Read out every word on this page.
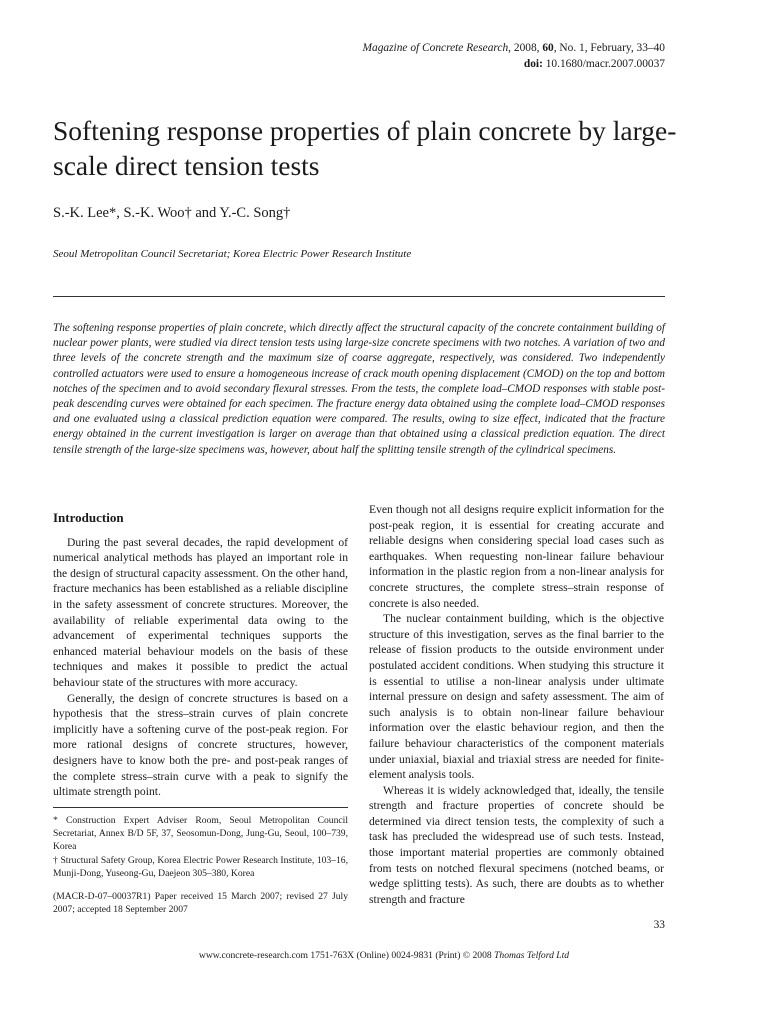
Magazine of Concrete Research, 2008, 60, No. 1, February, 33–40
doi: 10.1680/macr.2007.00037
Softening response properties of plain concrete by large-scale direct tension tests
S.-K. Lee*, S.-K. Woo† and Y.-C. Song†
Seoul Metropolitan Council Secretariat; Korea Electric Power Research Institute

The softening response properties of plain concrete, which directly affect the structural capacity of the concrete containment building of nuclear power plants, were studied via direct tension tests using large-size concrete specimens with two notches. A variation of two and three levels of the concrete strength and the maximum size of coarse aggregate, respectively, was considered. Two independently controlled actuators were used to ensure a homogeneous increase of crack mouth opening displacement (CMOD) on the top and bottom notches of the specimen and to avoid secondary flexural stresses. From the tests, the complete load–CMOD responses with stable post-peak descending curves were obtained for each specimen. The fracture energy data obtained using the complete load–CMOD responses and one evaluated using a classical prediction equation were compared. The results, owing to size effect, indicated that the fracture energy obtained in the current investigation is larger on average than that obtained using a classical prediction equation. The direct tensile strength of the large-size specimens was, however, about half the splitting tensile strength of the cylindrical specimens.

Introduction

During the past several decades, the rapid development of numerical analytical methods has played an important role in the design of structural capacity assessment. On the other hand, fracture mechanics has been established as a reliable discipline in the safety assessment of concrete structures. Moreover, the availability of reliable experimental data owing to the advancement of experimental techniques supports the enhanced material behaviour models on the basis of these techniques and makes it possible to predict the actual behaviour state of the structures with more accuracy.

Generally, the design of concrete structures is based on a hypothesis that the stress–strain curves of plain concrete implicitly have a softening curve of the post-peak region. For more rational designs of concrete structures, however, designers have to know both the pre- and post-peak ranges of the complete stress–strain curve with a peak to signify the ultimate strength point.

Even though not all designs require explicit information for the post-peak region, it is essential for creating accurate and reliable designs when considering special load cases such as earthquakes. When requesting non-linear failure behaviour information in the plastic region from a non-linear analysis for concrete structures, the complete stress–strain response of concrete is also needed.

The nuclear containment building, which is the objective structure of this investigation, serves as the final barrier to the release of fission products to the outside environment under postulated accident conditions. When studying this structure it is essential to utilise a non-linear analysis under ultimate internal pressure on design and safety assessment. The aim of such analysis is to obtain non-linear failure behaviour information over the elastic behaviour region, and then the failure behaviour characteristics of the component materials under uniaxial, biaxial and triaxial stress are needed for finite-element analysis tools.

Whereas it is widely acknowledged that, ideally, the tensile strength and fracture properties of concrete should be determined via direct tension tests, the complexity of such a task has precluded the widespread use of such tests. Instead, those important material properties are commonly obtained from tests on notched flexural specimens (notched beams, or wedge splitting tests). As such, there are doubts as to whether strength and fracture

* Construction Expert Adviser Room, Seoul Metropolitan Council Secretariat, Annex B/D 5F, 37, Seosomun-Dong, Jung-Gu, Seoul, 100–739, Korea

† Structural Safety Group, Korea Electric Power Research Institute, 103–16, Munji-Dong, Yuseong-Gu, Daejeon 305–380, Korea

(MACR-D-07–00037R1) Paper received 15 March 2007; revised 27 July 2007; accepted 18 September 2007

33
www.concrete-research.com 1751-763X (Online) 0024-9831 (Print) © 2008 Thomas Telford Ltd
